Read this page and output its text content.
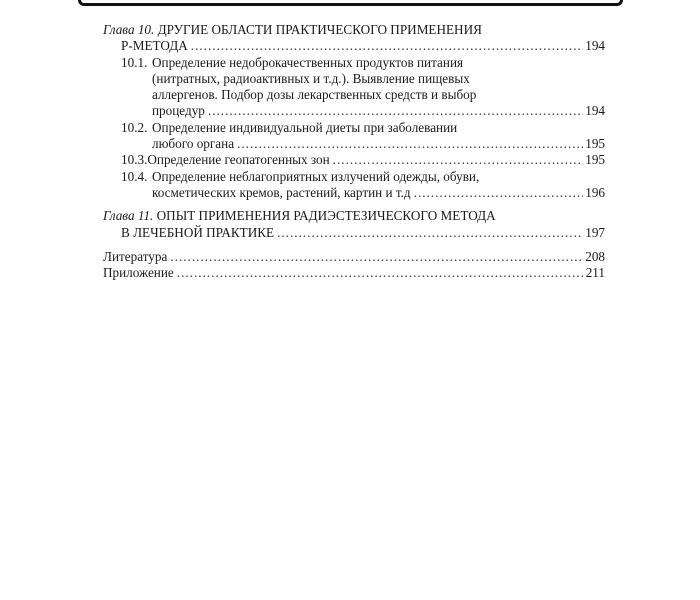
Глава 10.
ДРУГИЕ ОБЛАСТИ ПРАКТИЧЕСКОГО ПРИМЕНЕНИЯ
Р-МЕТОДА .....	194
10.1. Определение недоброкачественных продуктов питания
(нитратных, радиоактивных и т.д.). Выявление пищевых
аллергенов. Подбор дозы лекарственных средств и выбор
процедур .....	194
10.2. Определение индивидуальной диеты при заболевании
любого органа .....	195
10.3. Определение геопатогенных зон .....	195
10.4. Определение неблагоприятных излучений одежды, обуви,
косметических кремов, растений, картин и т.д .....	196
Глава 11.
ОПЫТ ПРИМЕНЕНИЯ РАДИЭСТЕЗИЧЕСКОГО МЕТОДА
В ЛЕЧЕБНОЙ ПРАКТИКЕ .....	197
Литература .....	208
Приложение .....	211
